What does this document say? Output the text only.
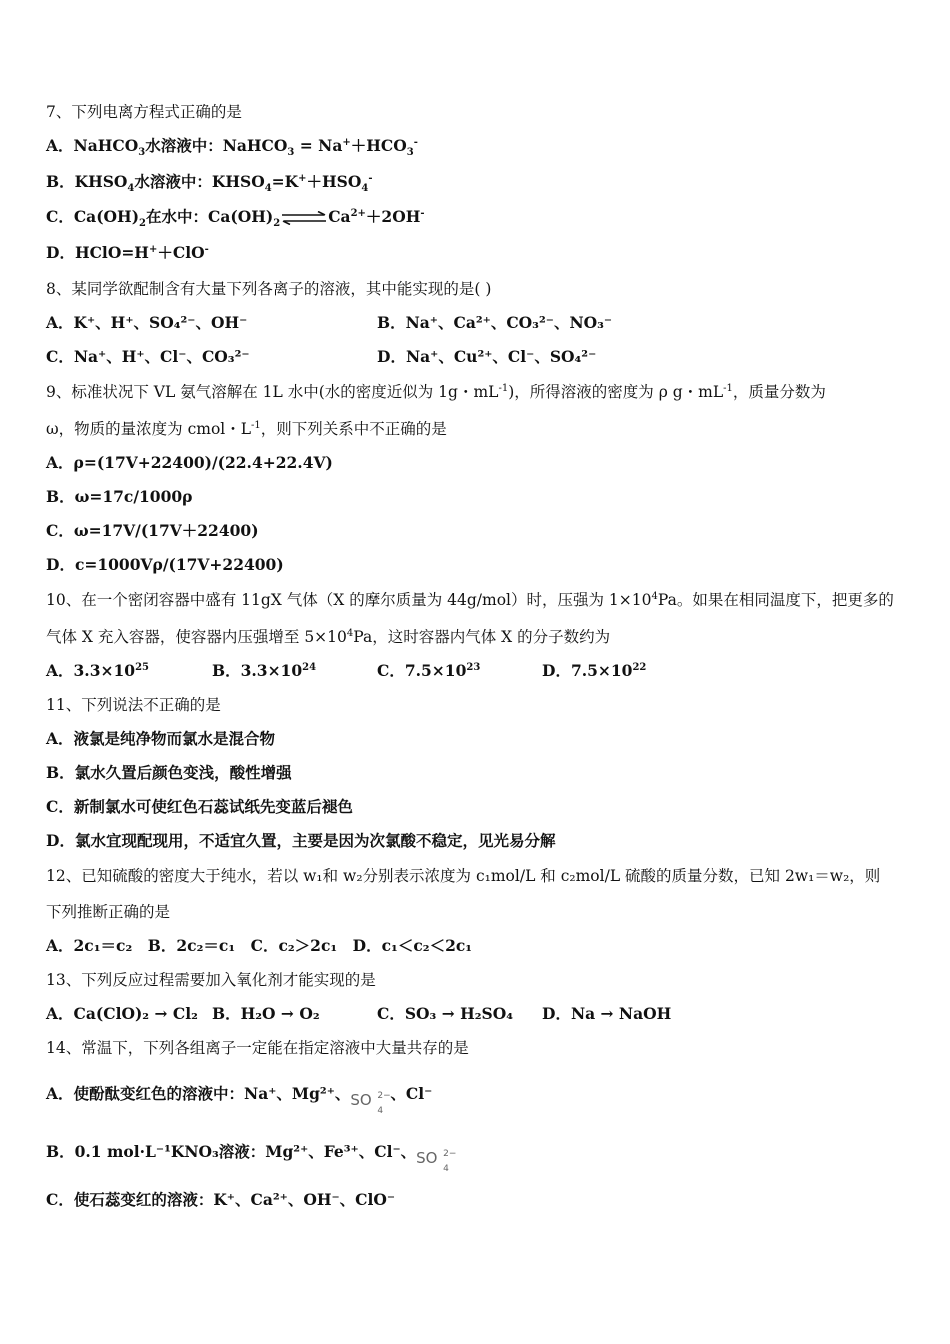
7、下列电离方程式正确的是
A．NaHCO$_3$水溶液中：NaHCO$_3$ = $Na^++HCO_3^-$
B．$KHSO_4$水溶液中：$KHSO_4=K^++HSO_4^-$
C．$Ca(OH)_2$在水中：$Ca(OH)_2\rightleftharpoons Ca^{2+}+2OH^-$
D．HClO=H+＋ClO-
8、某同学欲配制含有大量下列各离子的溶液，其中能实现的是( )
A．K⁺、H⁺、SO₄²⁻、OH⁻	B．Na⁺、Ca²⁺、CO₃²⁻、NO₃⁻
C．Na⁺、H⁺、Cl⁻、CO₃²⁻	D．Na⁺、Cu²⁺、Cl⁻、SO₄²⁻
9、标准状况下 VL 氨气溶解在 1L 水中(水的密度近似为 1g・$mL^{-1}$)，所得溶液的密度为 ρ g・$mL^{-1}$，质量分数为
ω，物质的量浓度为 cmol・$L^{-1}$，则下列关系中不正确的是
A．ρ=(17V+22400)/(22.4+22.4V)
B．ω=17c/1000ρ
C．ω=17V/(17V＋22400)
D．c=1000Vρ/(17V+22400)
10、在一个密闭容器中盛有 11gX 气体（X 的摩尔质量为 44g/mol）时，压强为 $1\times 10^4Pa$。如果在相同温度下，把更多的
气体 X 充入容器，使容器内压强增至 $5\times 10^4Pa$，这时容器内气体 X 的分子数约为
A．$3.3\times 10^{25}$	B．$3.3\times 10^{24}$	C．$7.5\times 10^{23}$	D．$7.5\times 10^{22}$
11、下列说法不正确的是
A．液氯是纯净物而氯水是混合物
B．氯水久置后颜色变浅，酸性增强
C．新制氯水可使红色石蕊试纸先变蓝后褪色
D．氯水宜现配现用，不适宜久置，主要是因为次氯酸不稳定，见光易分解
12、已知硫酸的密度大于纯水，若以 w₁和 w₂分别表示浓度为 c₁mol/L 和 c₂mol/L 硫酸的质量分数，已知 2w₁＝w₂，则
下列推断正确的是
A．2c₁＝c₂　B．2c₂＝c₁　C．c₂＞2c₁　D．c₁＜c₂＜2c₁
13、下列反应过程需要加入氧化剂才能实现的是
A．Ca(ClO)₂ → Cl₂ B．H₂O → O₂	C．SO₃ → H₂SO₄ D．Na → NaOH
14、常温下，下列各组离子一定能在指定溶液中大量共存的是
A．使酚酞变红色的溶液中：Na⁺、Mg²⁺、 SO 2−
4
、Cl⁻
B．0.1 mol·L⁻¹KNO₃溶液：Mg²⁺、Fe³⁺、Cl⁻、 SO 2−
4
C．使石蕊变红的溶液：K⁺、Ca²⁺、OH⁻、ClO⁻
